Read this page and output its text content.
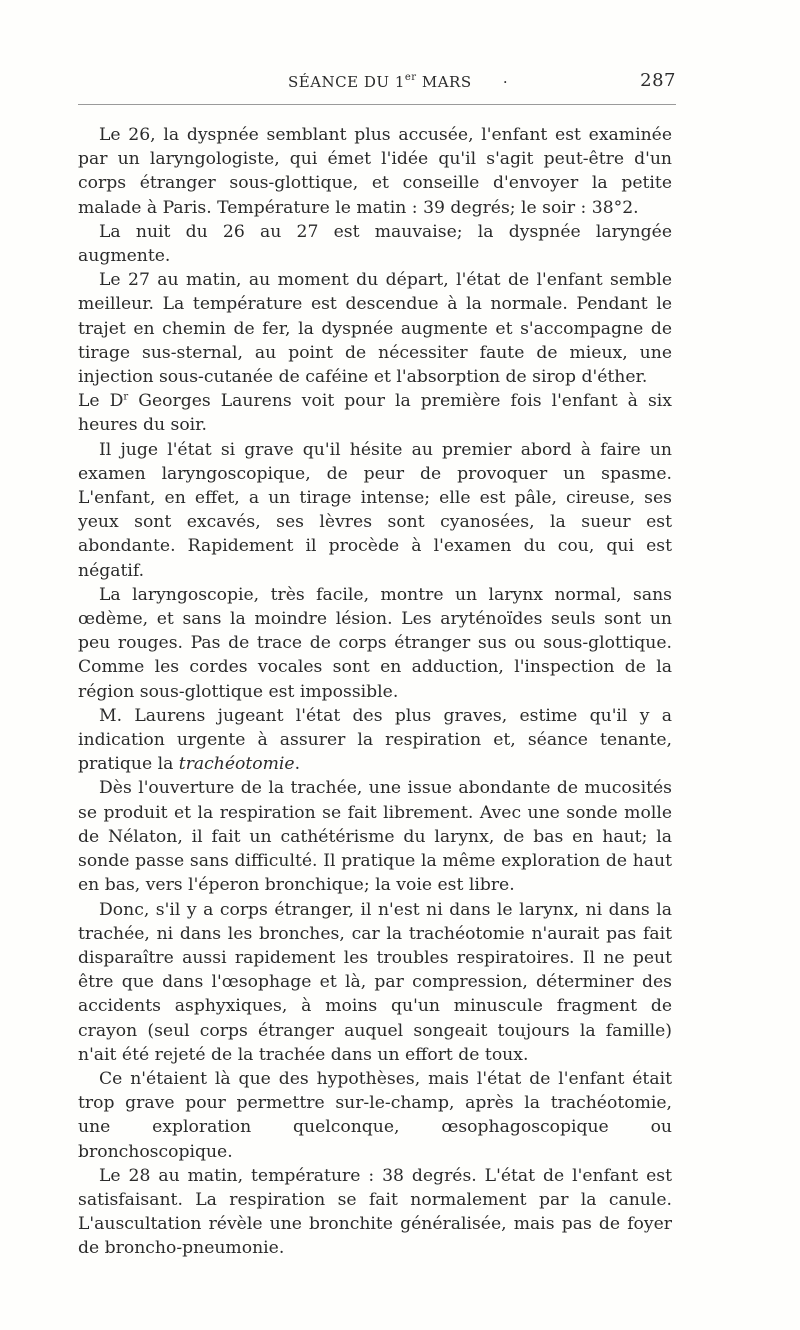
SÉANCE DU 1er MARS ·	287

Le 26, la dyspnée semblant plus accusée, l'enfant est examinée par un laryngologiste, qui émet l'idée qu'il s'agit peut-être d'un corps étranger sous-glottique, et conseille d'envoyer la petite malade à Paris. Température le matin : 39 degrés; le soir : 38°2.

La nuit du 26 au 27 est mauvaise; la dyspnée laryngée augmente.

Le 27 au matin, au moment du départ, l'état de l'enfant semble meilleur. La température est descendue à la normale. Pendant le trajet en chemin de fer, la dyspnée augmente et s'accompagne de tirage sus-sternal, au point de nécessiter faute de mieux, une injection sous-cutanée de caféine et l'absorption de sirop d'éther.

Le $D^r$ Georges Laurens voit pour la première fois l'enfant à six heures du soir.

Il juge l'état si grave qu'il hésite au premier abord à faire un examen laryngoscopique, de peur de provoquer un spasme. L'enfant, en effet, a un tirage intense; elle est pâle, cireuse, ses yeux sont excavés, ses lèvres sont cyanosées, la sueur est abondante. Rapidement il procède à l'examen du cou, qui est négatif.

La laryngoscopie, très facile, montre un larynx normal, sans œdème, et sans la moindre lésion. Les aryténoïdes seuls sont un peu rouges. Pas de trace de corps étranger sus ou sous-glottique. Comme les cordes vocales sont en adduction, l'inspection de la région sous-glottique est impossible.

M. Laurens jugeant l'état des plus graves, estime qu'il y a indication urgente à assurer la respiration et, séance tenante, pratique la trachéotomie.

Dès l'ouverture de la trachée, une issue abondante de mucosités se produit et la respiration se fait librement. Avec une sonde molle de Nélaton, il fait un cathétérisme du larynx, de bas en haut; la sonde passe sans difficulté. Il pratique la même exploration de haut en bas, vers l'éperon bronchique; la voie est libre.

Donc, s'il y a corps étranger, il n'est ni dans le larynx, ni dans la trachée, ni dans les bronches, car la trachéotomie n'aurait pas fait disparaître aussi rapidement les troubles respiratoires. Il ne peut être que dans l'œsophage et là, par compression, déterminer des accidents asphyxiques, à moins qu'un minuscule fragment de crayon (seul corps étranger auquel songeait toujours la famille) n'ait été rejeté de la trachée dans un effort de toux.

Ce n'étaient là que des hypothèses, mais l'état de l'enfant était trop grave pour permettre sur-le-champ, après la trachéotomie, une exploration quelconque, œsophagoscopique ou bronchoscopique.

Le 28 au matin, température : 38 degrés. L'état de l'enfant est satisfaisant. La respiration se fait normalement par la canule. L'auscultation révèle une bronchite généralisée, mais pas de foyer de broncho-pneumonie.
